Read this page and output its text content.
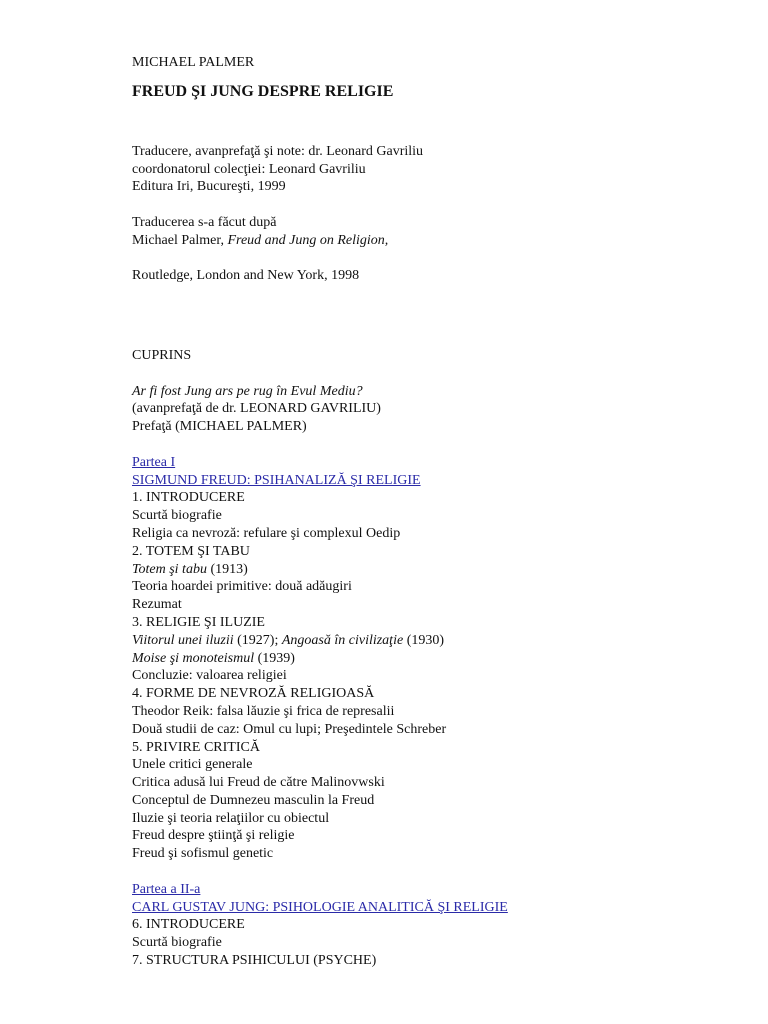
MICHAEL PALMER
FREUD ŞI JUNG DESPRE RELIGIE
Traducere, avanprefaţă şi note: dr. Leonard Gavriliu
coordonatorul colecţiei: Leonard Gavriliu
Editura Iri, Bucureşti, 1999
Traducerea s-a făcut după
Michael Palmer, Freud and Jung on Religion,
Routledge, London and New York, 1998
CUPRINS
Ar fi fost Jung ars pe rug în Evul Mediu?
(avanprefaţă de dr. LEONARD GAVRILIU)
Prefaţă (MICHAEL PALMER)
Partea I
SIGMUND FREUD: PSIHANALIZĂ ŞI RELIGIE
1. INTRODUCERE
Scurtă biografie
Religia ca nevroză: refulare şi complexul Oedip
2. TOTEM ŞI TABU
Totem şi tabu (1913)
Teoria hoardei primitive: două adăugiri
Rezumat
3. RELIGIE ŞI ILUZIE
Viitorul unei iluzii (1927); Angoasă în civilizaţie (1930)
Moise şi monoteismul (1939)
Concluzie: valoarea religiei
4. FORME DE NEVROZĂ RELIGIOASĂ
Theodor Reik: falsa lăuzie şi frica de represalii
Două studii de caz: Omul cu lupi; Preşedintele Schreber
5. PRIVIRE CRITICĂ
Unele critici generale
Critica adusă lui Freud de către Malinovwski
Conceptul de Dumnezeu masculin la Freud
Iluzie şi teoria relaţiilor cu obiectul
Freud despre ştiinţă şi religie
Freud şi sofismul genetic
Partea a II-a
CARL GUSTAV JUNG: PSIHOLOGIE ANALITICĂ ŞI RELIGIE
6. INTRODUCERE
Scurtă biografie
7. STRUCTURA PSIHICULUI (PSYCHE)
